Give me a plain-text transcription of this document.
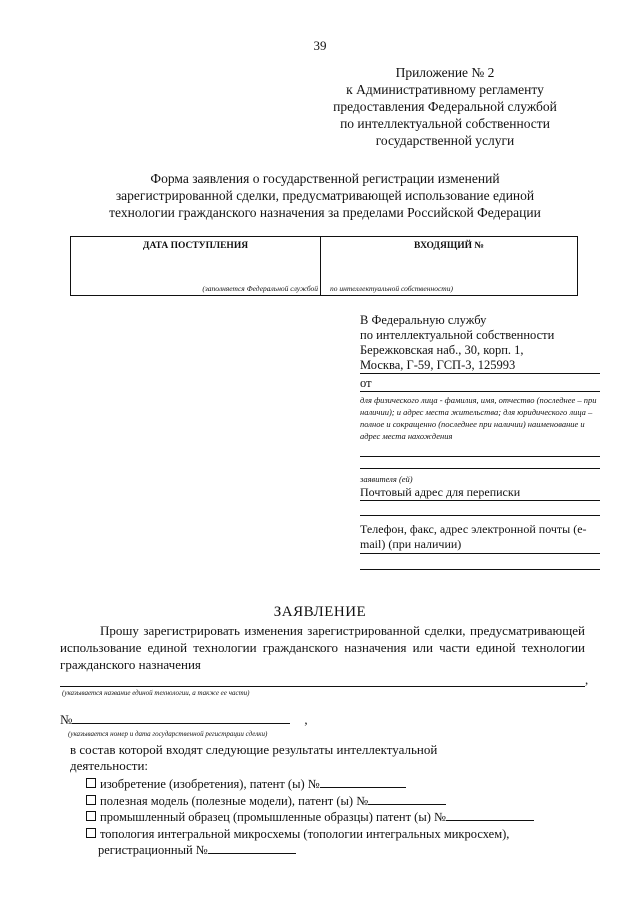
39
Приложение № 2
к Административному регламенту
предоставления Федеральной службой
по интеллектуальной собственности
государственной услуги
Форма заявления о государственной регистрации изменений
зарегистрированной сделки, предусматривающей использование единой
технологии гражданского назначения за пределами Российской Федерации
ДАТА ПОСТУПЛЕНИЯ	ВХОДЯЩИЙ №
(заполняется Федеральной службой по интеллектуальной собственности)
В Федеральную службу
по интеллектуальной собственности
Бережковская наб., 30, корп. 1,
Москва, Г-59, ГСП-3, 125993
от
для физического лица - фамилия, имя, отчество (последнее – при наличии); и адрес места жительства; для юридического лица – полное и сокращенно (последнее при наличии) наименование и адрес места нахождения
заявителя (ей)
Почтовый адрес для переписки
Телефон, факс, адрес электронной почты (e-mail) (при наличии)
ЗАЯВЛЕНИЕ
Прошу зарегистрировать изменения зарегистрированной сделки, предусматривающей использование единой технологии гражданского назначения или части единой технологии гражданского назначения
,
(указывается название единой технологии, а также ее части)
№	,
(указывается номер и дата государственной регистрации сделки)
в состав которой входят следующие результаты интеллектуальной деятельности:
изобретение (изобретения), патент (ы) №
полезная модель (полезные модели), патент (ы) №
промышленный образец (промышленные образцы) патент (ы) №
топология интегральной микросхемы (топологии интегральных микросхем),
регистрационный №
